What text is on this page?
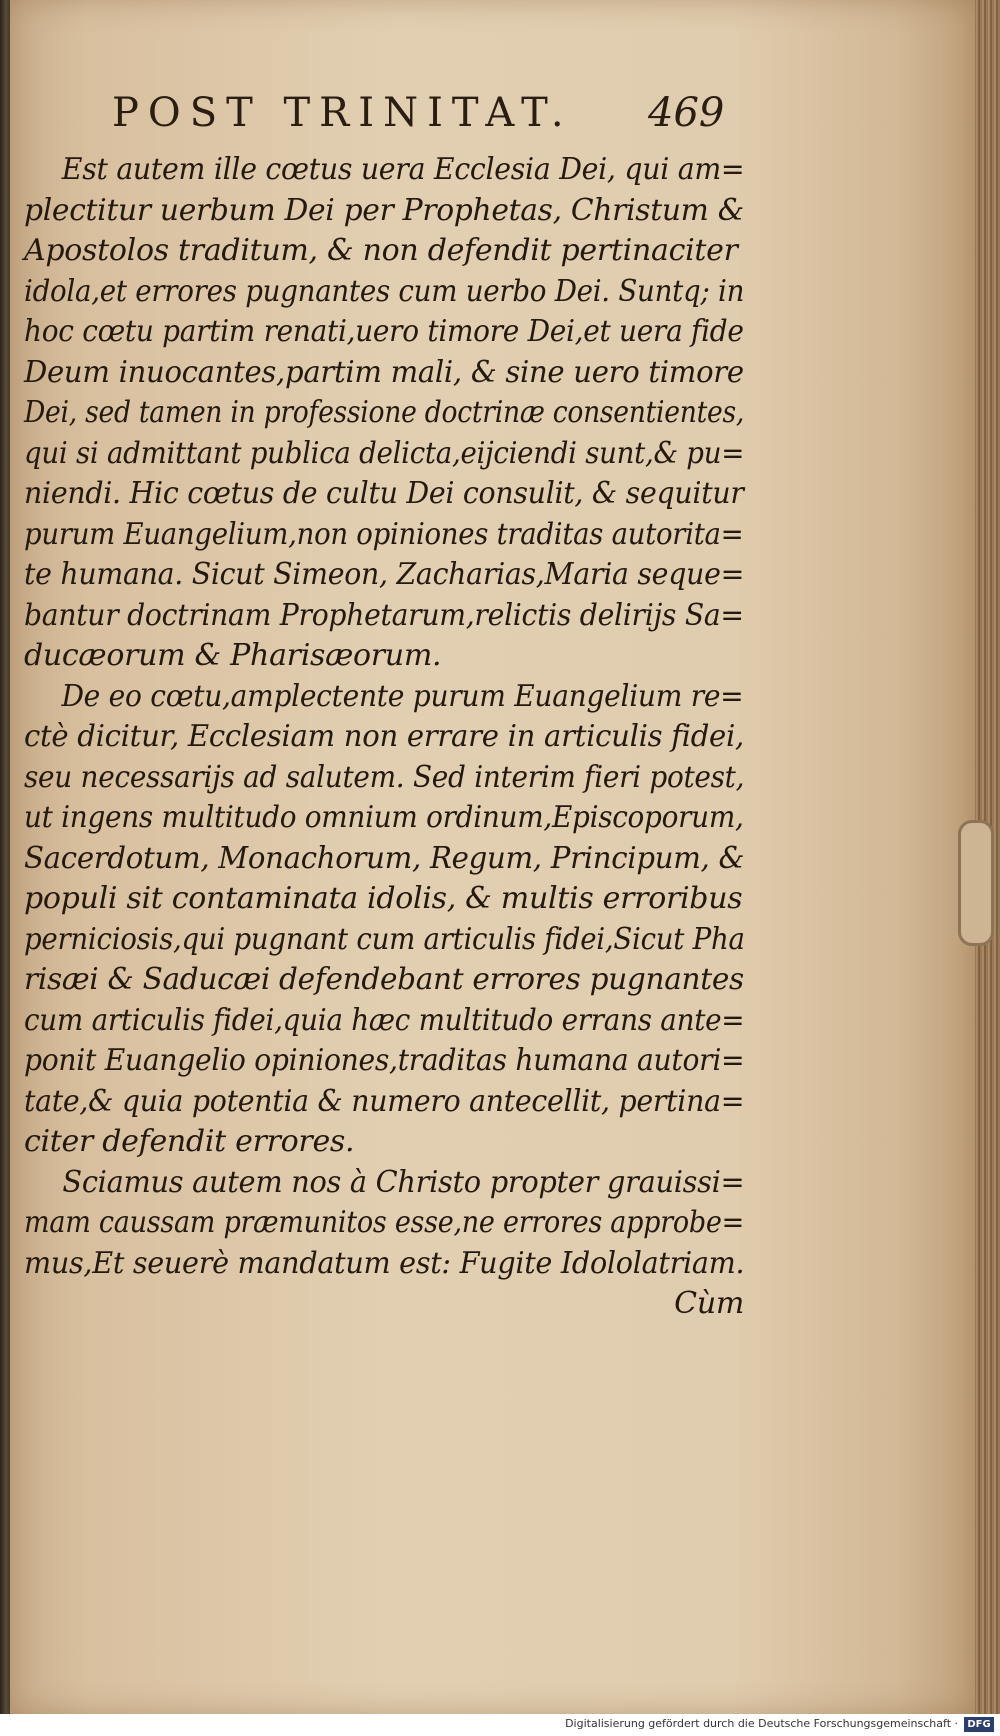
POST TRINITAT. 469
Est autem ille cœtus uera Ecclesia Dei, qui am=
plectitur uerbum Dei per Prophetas, Christum &
Apostolos traditum, & non defendit pertinaciter
idola,et errores pugnantes cum uerbo Dei. Suntq; in
hoc cœtu partim renati,uero timore Dei,et uera fide
Deum inuocantes,partim mali, & sine uero timore
Dei, sed tamen in professione doctrinæ consentientes,
qui si admittant publica delicta,eijciendi sunt,& pu=
niendi. Hic cœtus de cultu Dei consulit, & sequitur
purum Euangelium,non opiniones traditas autorita=
te humana. Sicut Simeon, Zacharias,Maria seque=
bantur doctrinam Prophetarum,relictis delirijs Sa=
ducæorum & Pharisæorum.
De eo cœtu,amplectente purum Euangelium re=
ctè dicitur, Ecclesiam non errare in articulis fidei,
seu necessarijs ad salutem. Sed interim fieri potest,
ut ingens multitudo omnium ordinum,Episcoporum,
Sacerdotum, Monachorum, Regum, Principum, &
populi sit contaminata idolis, & multis erroribus
perniciosis,qui pugnant cum articulis fidei,Sicut Pha
risæi & Saducæi defendebant errores pugnantes
cum articulis fidei,quia hæc multitudo errans ante=
ponit Euangelio opiniones,traditas humana autori=
tate,& quia potentia & numero antecellit, pertina=
citer defendit errores.
Sciamus autem nos à Christo propter grauissi=
mam caussam præmunitos esse,ne errores approbe=
mus,Et seuerè mandatum est: Fugite Idololatriam.
Cùm
Digitalisierung gefördert durch die Deutsche Forschungsgemeinschaft · DFG
